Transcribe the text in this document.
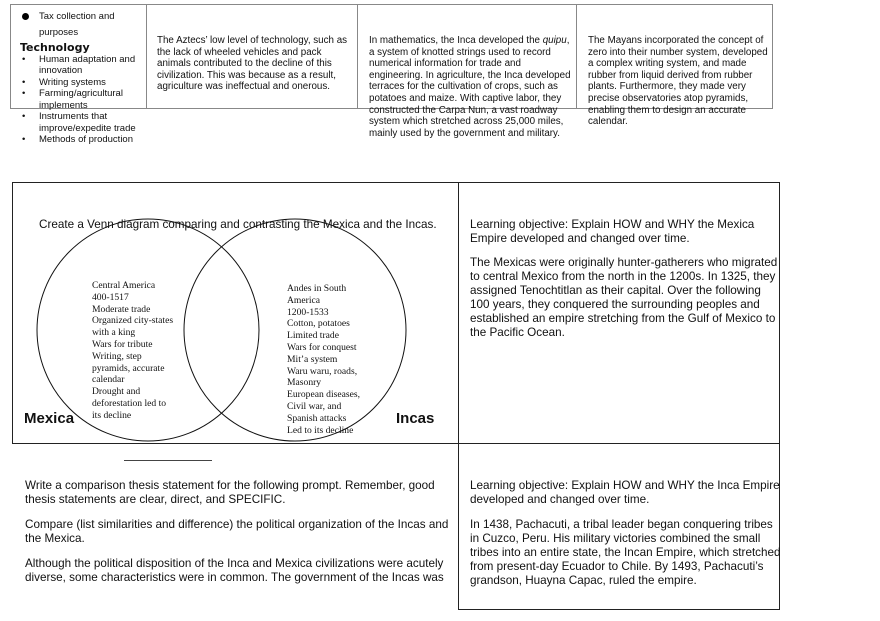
Tax collection and purposes
Technology
• Human adaptation and innovation
• Writing systems
• Farming/agricultural implements
• Instruments that improve/expedite trade
• Methods of production
The Aztecs’ low level of technology, such as the lack of wheeled vehicles and pack animals contributed to the decline of this civilization. This was because as a result, agriculture was ineffectual and onerous.
In mathematics, the Inca developed the quipu, a system of knotted strings used to record numerical information for trade and engineering. In agriculture, the Inca developed terraces for the cultivation of crops, such as potatoes and maize. With captive labor, they constructed the Carpa Nun, a vast roadway system which stretched across 25,000 miles, mainly used by the government and military.
The Mayans incorporated the concept of zero into their number system, developed a complex writing system, and made rubber from liquid derived from rubber plants. Furthermore, they made very precise observatories atop pyramids, enabling them to design an accurate calendar.
Create a Venn diagram comparing and contrasting the Mexica and the Incas.
Mexica	Incas
Central America
400-1517
Moderate trade
Organized city-states with a king
Wars for tribute
Writing, step pyramids, accurate calendar
Drought and deforestation led to its decline
Andes in South America
1200-1533
Cotton, potatoes
Limited trade
Wars for conquest
Mit’a system
Waru waru, roads, Masonry
European diseases, Civil war, and Spanish attacks
Led to its decline
Learning objective: Explain HOW and WHY the Mexica Empire developed and changed over time.
The Mexicas were originally hunter-gatherers who migrated to central Mexico from the north in the 1200s. In 1325, they assigned Tenochtitlan as their capital. Over the following 100 years, they conquered the surrounding peoples and established an empire stretching from the Gulf of Mexico to the Pacific Ocean.
Write a comparison thesis statement for the following prompt. Remember, good thesis statements are clear, direct, and SPECIFIC.
Compare (list similarities and difference) the political organization of the Incas and the Mexica.
Although the political disposition of the Inca and Mexica civilizations were acutely diverse, some characteristics were in common. The government of the Incas was
Learning objective: Explain HOW and WHY the Inca Empire developed and changed over time.
In 1438, Pachacuti, a tribal leader began conquering tribes in Cuzco, Peru. His military victories combined the small tribes into an entire state, the Incan Empire, which stretched from present-day Ecuador to Chile. By 1493, Pachacuti’s grandson, Huayna Capac, ruled the empire.
